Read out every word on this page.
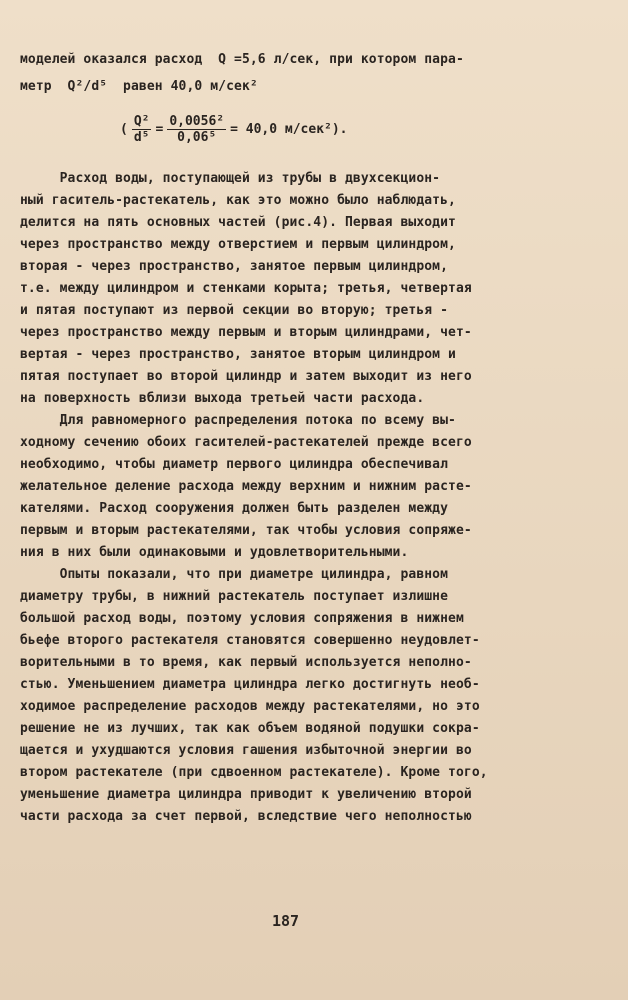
моделей оказался расход  Q =5,6 л/сек, при котором пара-
метр  Q²/d⁵  равен 40,0 м/сек²
( $\frac{\text{Q²}}{\text{d⁵}} = \frac{\text{0,0056²}}{\text{0,06⁵}} = 40,0$ м/сек²).
Расход воды, поступающей из трубы в двухсекцион-
ный гаситель-растекатель, как это можно было наблюдать,
делится на пять основных частей (рис.4). Первая выходит
через пространство между отверстием и первым цилиндром,
вторая - через пространство, занятое первым цилиндром,
т.е. между цилиндром и стенками корыта; третья, четвертая
и пятая поступают из первой секции во вторую; третья -
через пространство между первым и вторым цилиндрами, чет-
вертая - через пространство, занятое вторым цилиндром и
пятая поступает во второй цилиндр и затем выходит из него
на поверхность вблизи выхода третьей части расхода.
Для равномерного распределения потока по всему вы-
ходному сечению обоих гасителей-растекателей прежде всего
необходимо, чтобы диаметр первого цилиндра обеспечивал
желательное деление расхода между верхним и нижним расте-
кателями. Расход сооружения должен быть разделен между
первым и вторым растекателями, так чтобы условия сопряже-
ния в них были одинаковыми и удовлетворительными.
Опыты показали, что при диаметре цилиндра, равном
диаметру трубы, в нижний растекатель поступает излишне
большой расход воды, поэтому условия сопряжения в нижнем
бьефе второго растекателя становятся совершенно неудовлет-
ворительными в то время, как первый используется неполно-
стью. Уменьшением диаметра цилиндра легко достигнуть необ-
ходимое распределение расходов между растекателями, но это
решение не из лучших, так как объем водяной подушки сокра-
щается и ухудшаются условия гашения избыточной энергии во
втором растекателе (при сдвоенном растекателе). Кроме того,
уменьшение диаметра цилиндра приводит к увеличению второй
части расхода за счет первой, вследствие чего неполностью
187
